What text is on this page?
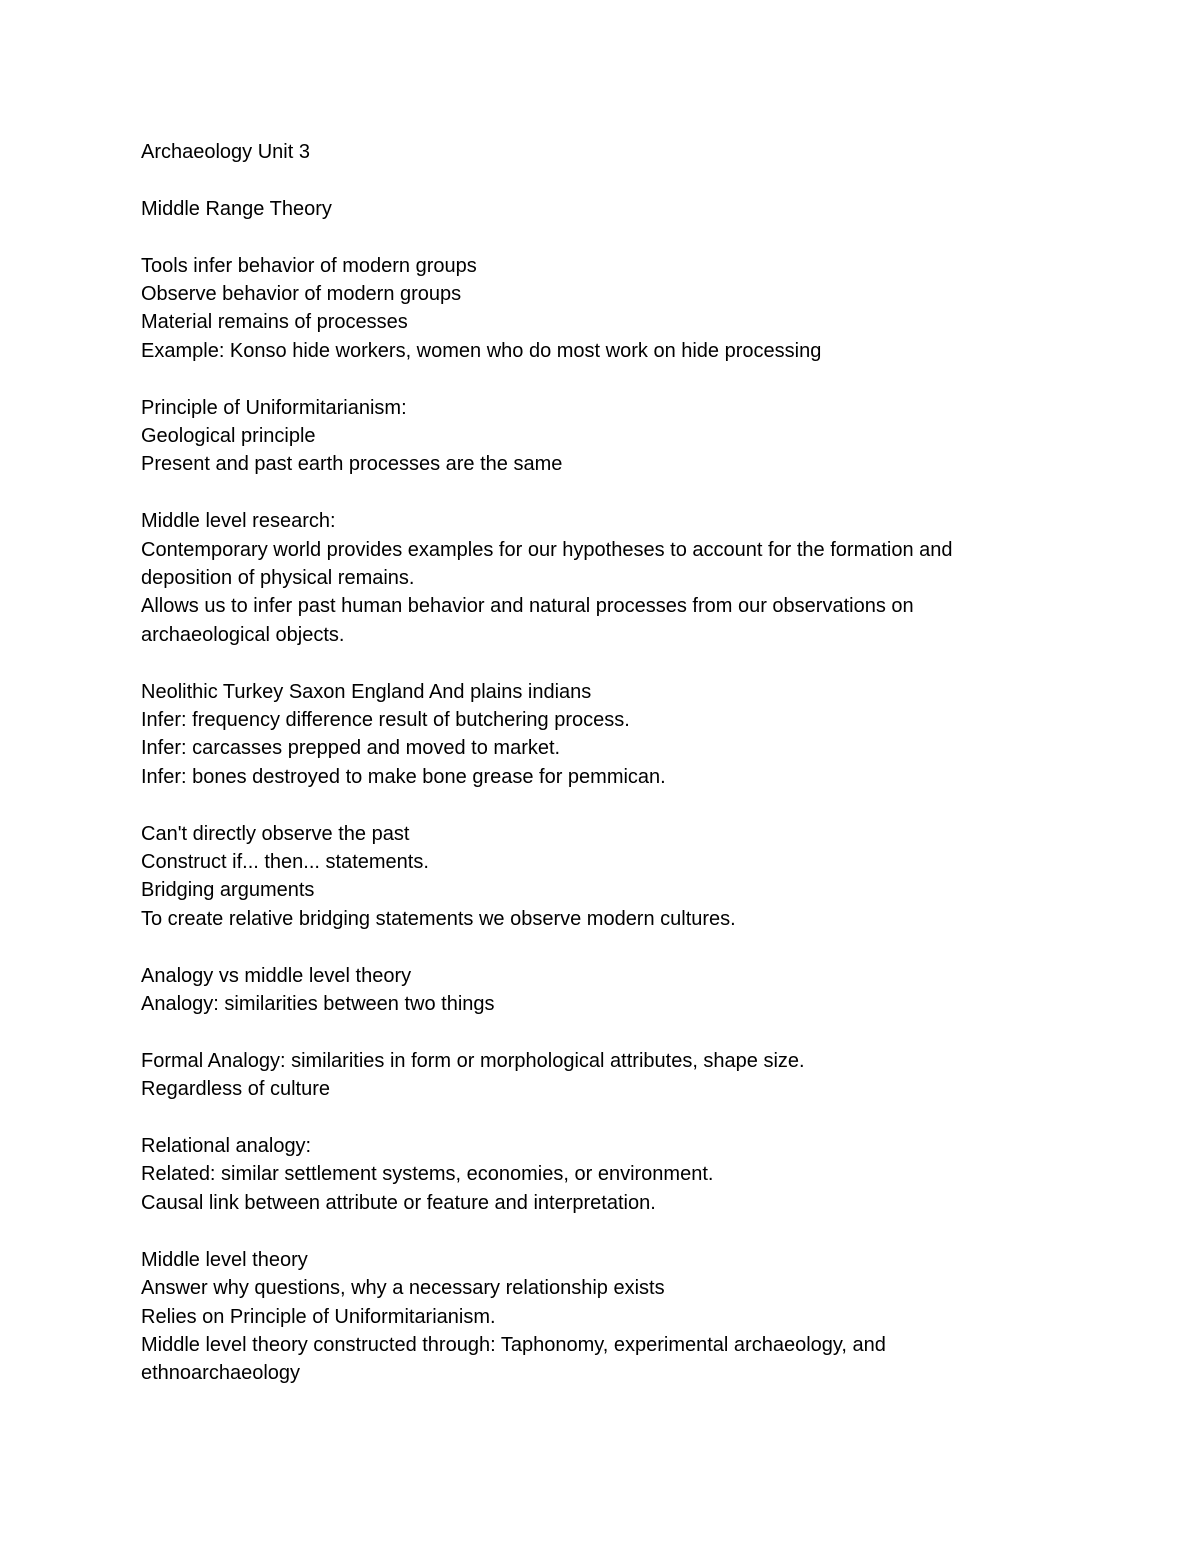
Archaeology Unit 3
Middle Range Theory
Tools infer behavior of modern groups
Observe behavior of modern groups
Material remains of processes
Example: Konso hide workers, women who do most work on hide processing
Principle of Uniformitarianism:
Geological principle
Present and past earth processes are the same
Middle level research:
Contemporary world provides examples for our hypotheses to account for the formation and deposition of physical remains.
Allows us to infer past human behavior and natural processes from our observations on archaeological objects.
Neolithic Turkey Saxon England And plains indians
Infer: frequency difference result of butchering process.
Infer: carcasses prepped and moved to market.
Infer: bones destroyed to make bone grease for pemmican.
Can't directly observe the past
Construct if... then... statements.
Bridging arguments
To create relative bridging statements we observe modern cultures.
Analogy vs middle level theory
Analogy: similarities between two things
Formal Analogy: similarities in form or morphological attributes, shape size.
Regardless of culture
Relational analogy:
Related: similar settlement systems, economies, or environment.
Causal link between attribute or feature and interpretation.
Middle level theory
Answer why questions, why a necessary relationship exists
Relies on Principle of Uniformitarianism.
Middle level theory constructed through: Taphonomy, experimental archaeology, and ethnoarchaeology
